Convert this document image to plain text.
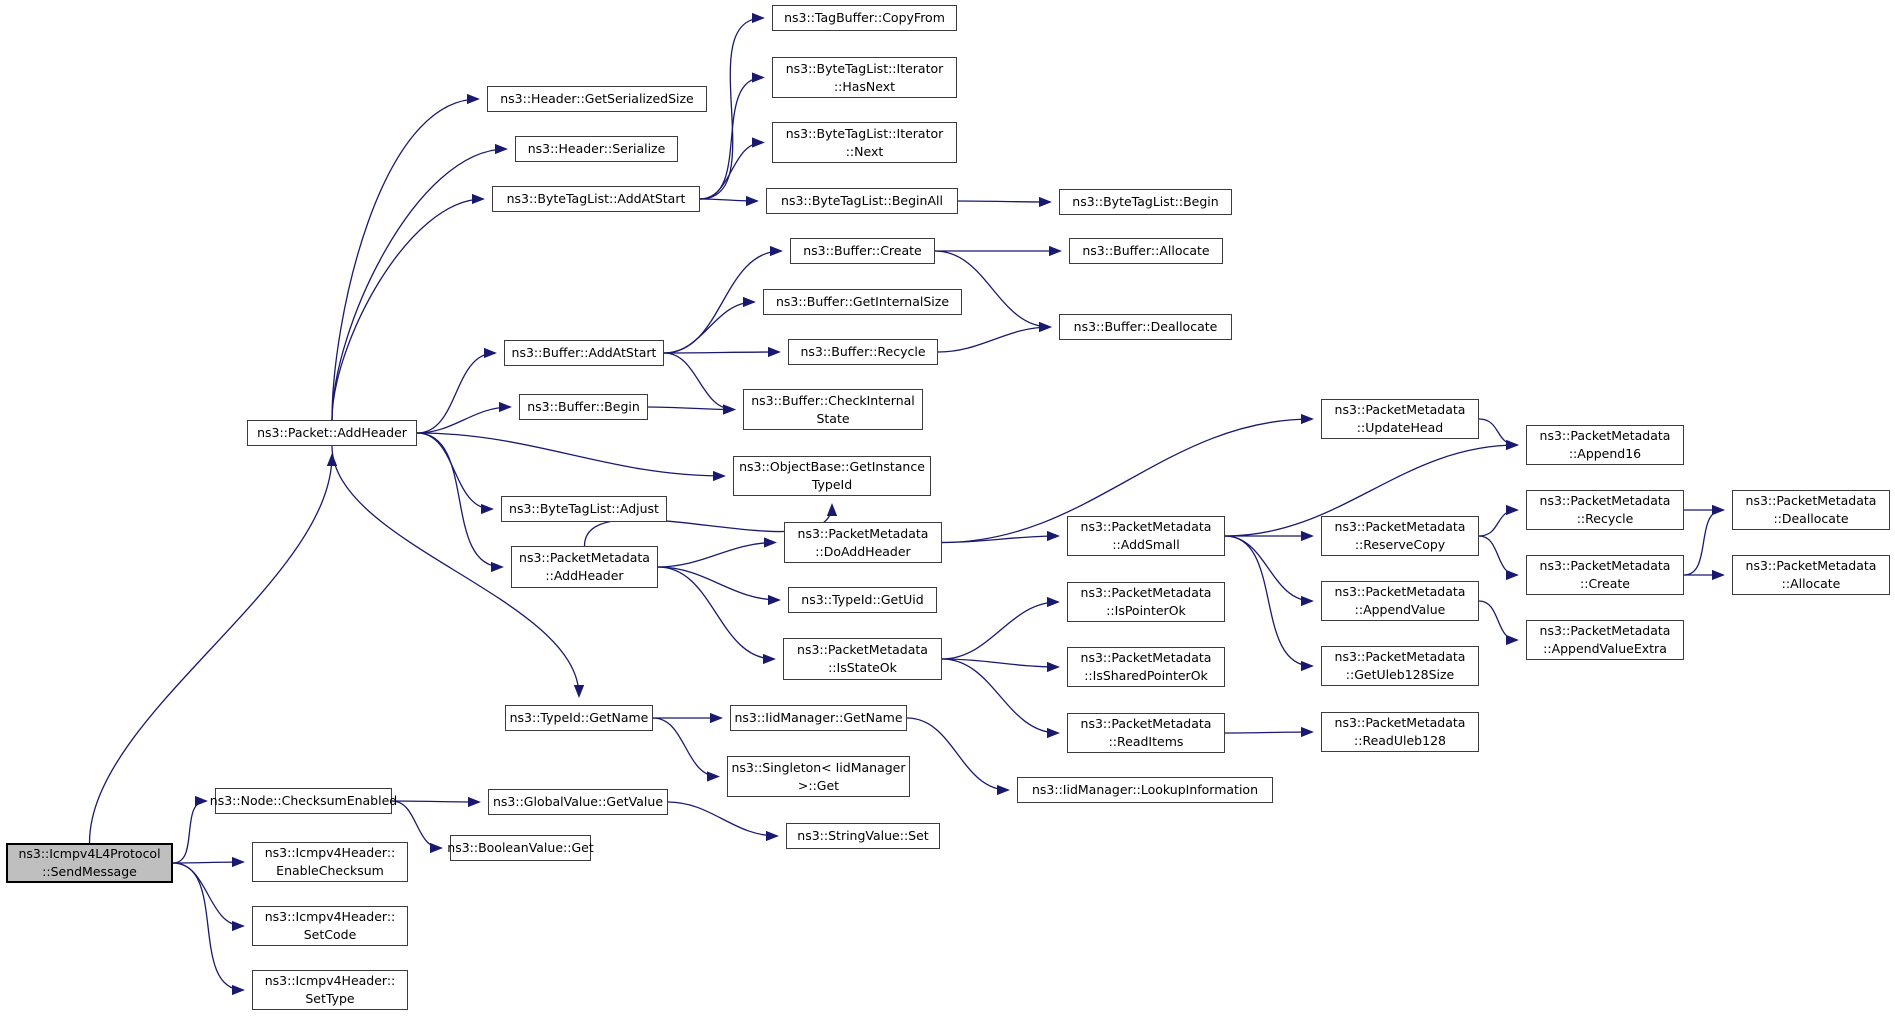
ns3::Icmpv4L4Protocol
::SendMessage
ns3::Packet::AddHeader
ns3::Node::ChecksumEnabled
ns3::Icmpv4Header::
EnableChecksum
ns3::Icmpv4Header::
SetCode
ns3::Icmpv4Header::
SetType
ns3::Header::GetSerializedSize
ns3::Header::Serialize
ns3::ByteTagList::AddAtStart
ns3::Buffer::AddAtStart
ns3::Buffer::Begin
ns3::ByteTagList::Adjust
ns3::PacketMetadata
::AddHeader
ns3::TypeId::GetName
ns3::GlobalValue::GetValue
ns3::BooleanValue::Get
ns3::TagBuffer::CopyFrom
ns3::ByteTagList::Iterator
::HasNext
ns3::ByteTagList::Iterator
::Next
ns3::ByteTagList::BeginAll
ns3::Buffer::Create
ns3::Buffer::GetInternalSize
ns3::Buffer::Recycle
ns3::Buffer::CheckInternal
State
ns3::ObjectBase::GetInstance
TypeId
ns3::PacketMetadata
::DoAddHeader
ns3::TypeId::GetUid
ns3::PacketMetadata
::IsStateOk
ns3::IidManager::GetName
ns3::Singleton< IidManager
>::Get
ns3::StringValue::Set
ns3::ByteTagList::Begin
ns3::Buffer::Allocate
ns3::Buffer::Deallocate
ns3::PacketMetadata
::UpdateHead
ns3::PacketMetadata
::AddSmall
ns3::PacketMetadata
::IsPointerOk
ns3::PacketMetadata
::IsSharedPointerOk
ns3::PacketMetadata
::ReadItems
ns3::IidManager::LookupInformation
ns3::PacketMetadata
::ReserveCopy
ns3::PacketMetadata
::AppendValue
ns3::PacketMetadata
::GetUleb128Size
ns3::PacketMetadata
::ReadUleb128
ns3::PacketMetadata
::Append16
ns3::PacketMetadata
::Recycle
ns3::PacketMetadata
::Create
ns3::PacketMetadata
::AppendValueExtra
ns3::PacketMetadata
::Deallocate
ns3::PacketMetadata
::Allocate
